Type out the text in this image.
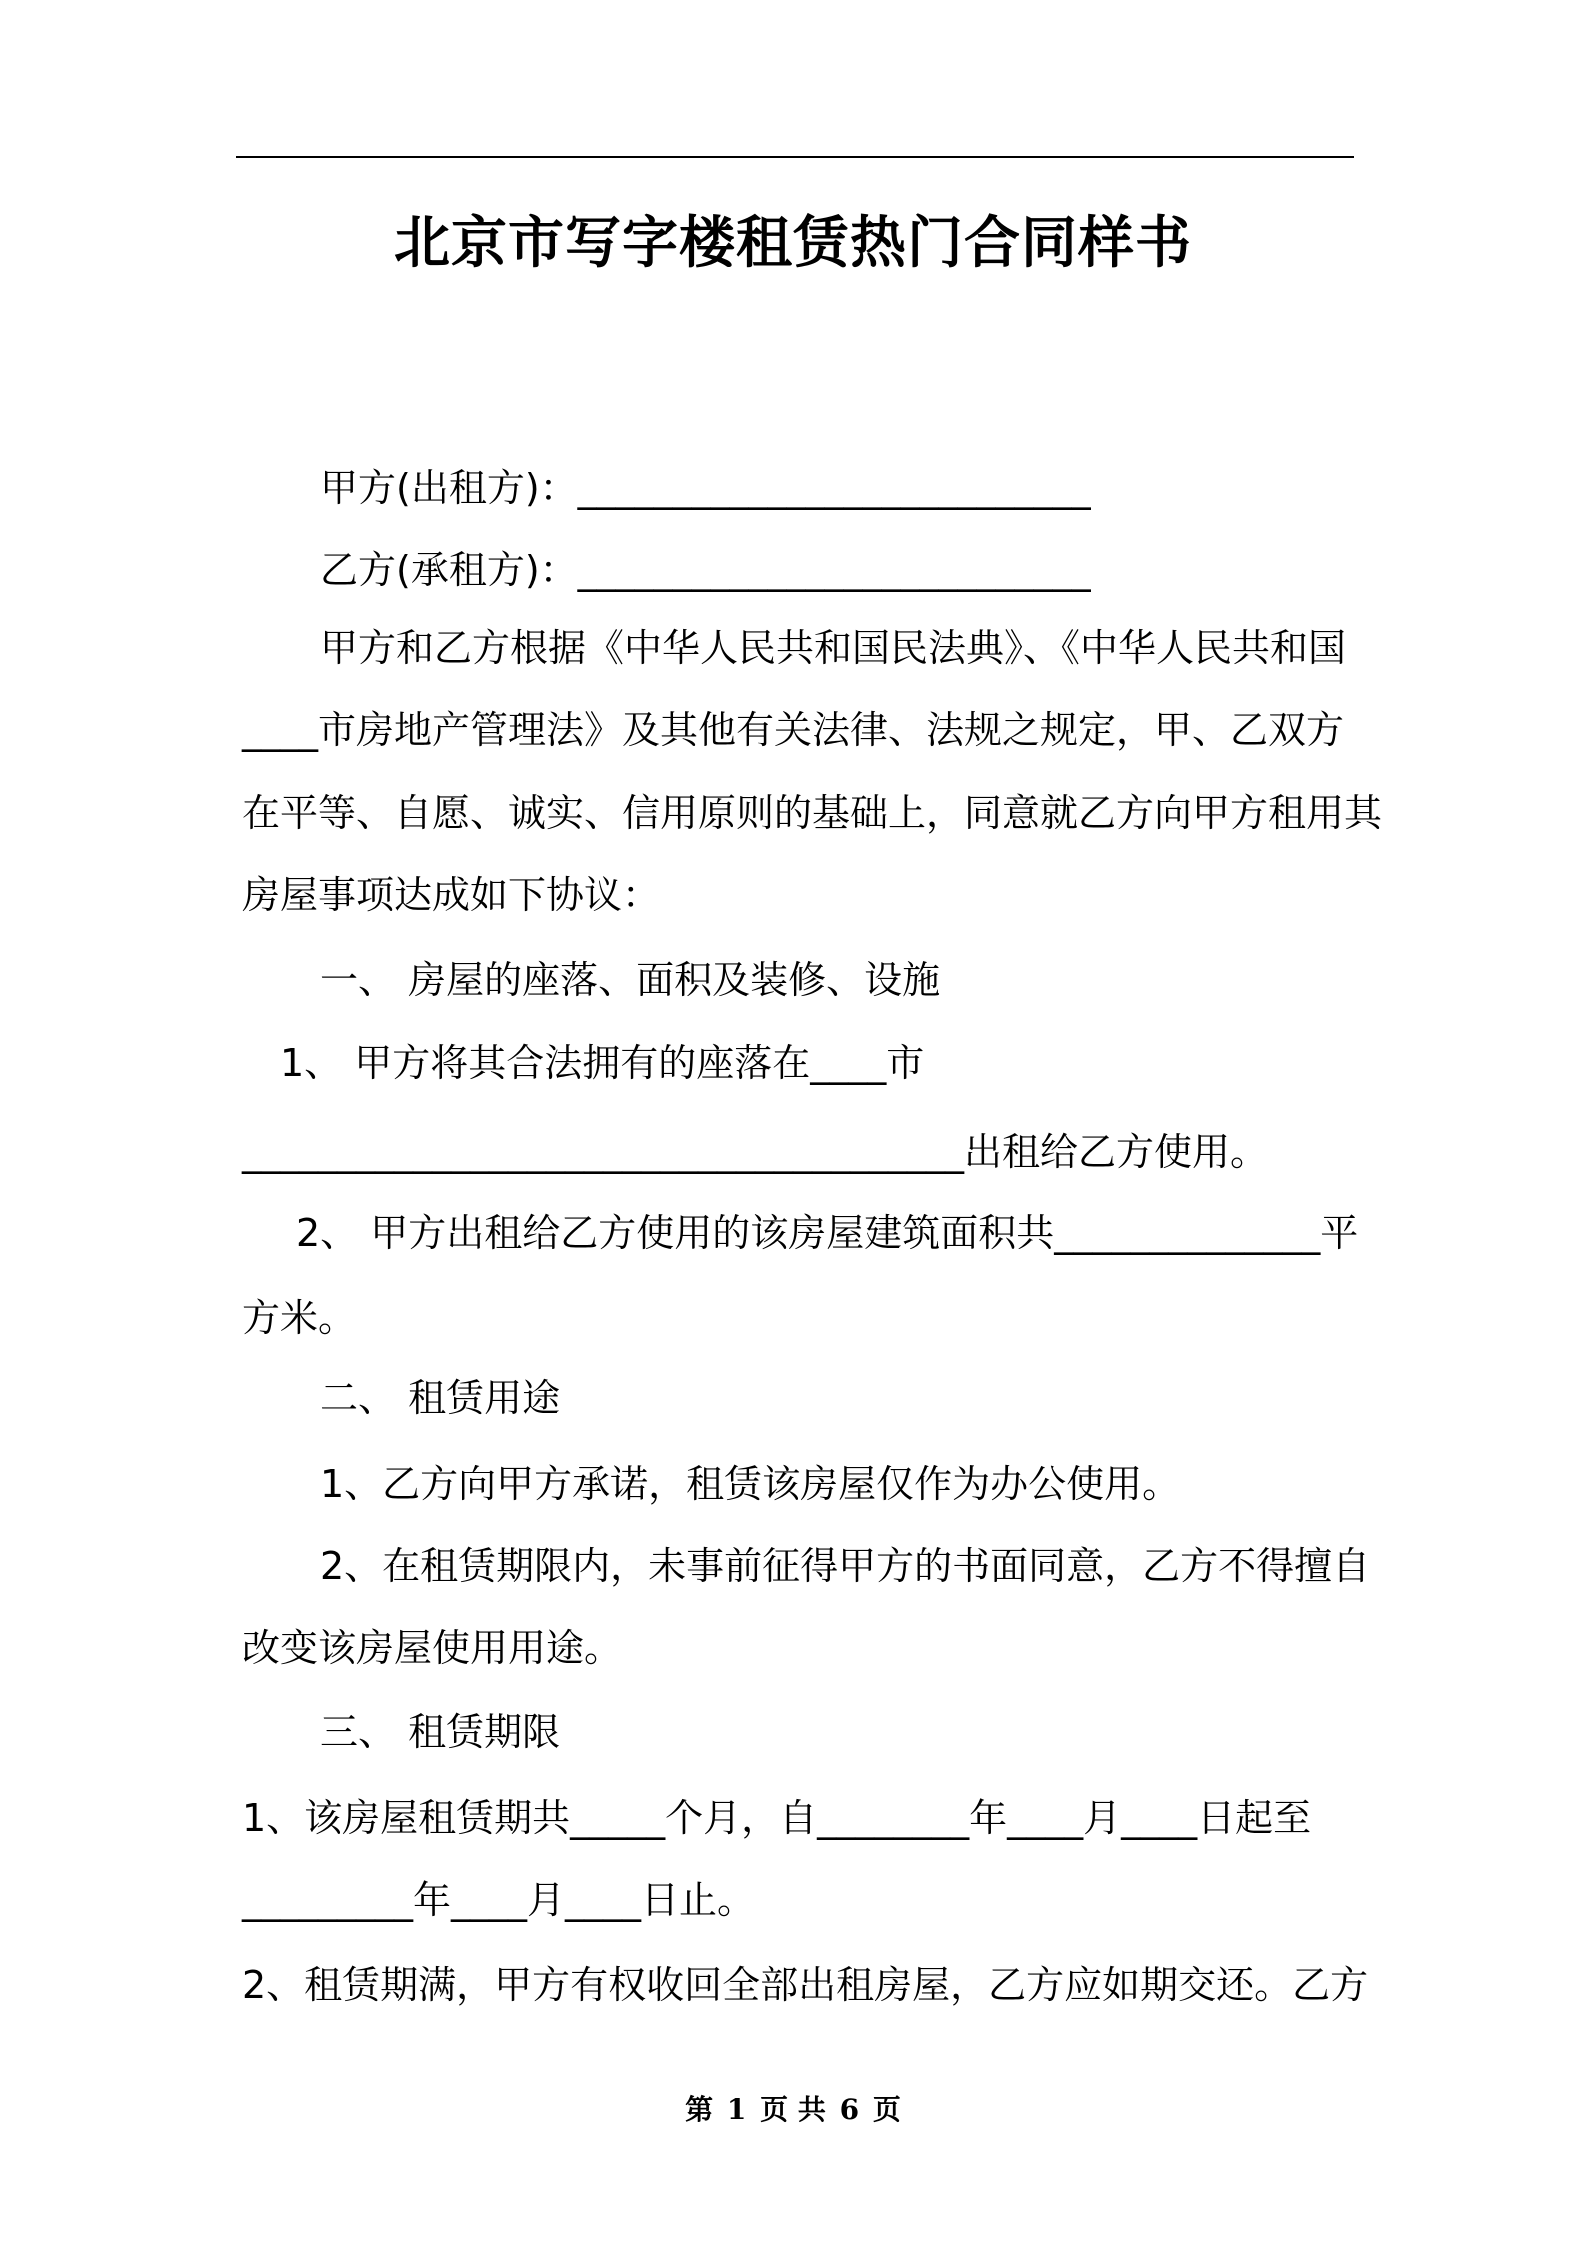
北京市写字楼租赁热门合同样书
甲方(出租方)：___________________________
乙方(承租方)：___________________________
甲方和乙方根据《中华人民共和国民法典》、《中华人民共和国
____市房地产管理法》及其他有关法律、法规之规定，甲、乙双方
在平等、自愿、诚实、信用原则的基础上，同意就乙方向甲方租用其
房屋事项达成如下协议：
一、 房屋的座落、面积及装修、设施
1、 甲方将其合法拥有的座落在____市
______________________________________出租给乙方使用。
2、 甲方出租给乙方使用的该房屋建筑面积共______________平
方米。
二、 租赁用途
1、乙方向甲方承诺，租赁该房屋仅作为办公使用。
2、在租赁期限内，未事前征得甲方的书面同意，乙方不得擅自
改变该房屋使用用途。
三、 租赁期限
1、该房屋租赁期共_____个月，自________年____月____日起至
_________年____月____日止。
2、租赁期满，甲方有权收回全部出租房屋，乙方应如期交还。乙方
第 1 页 共 6 页
